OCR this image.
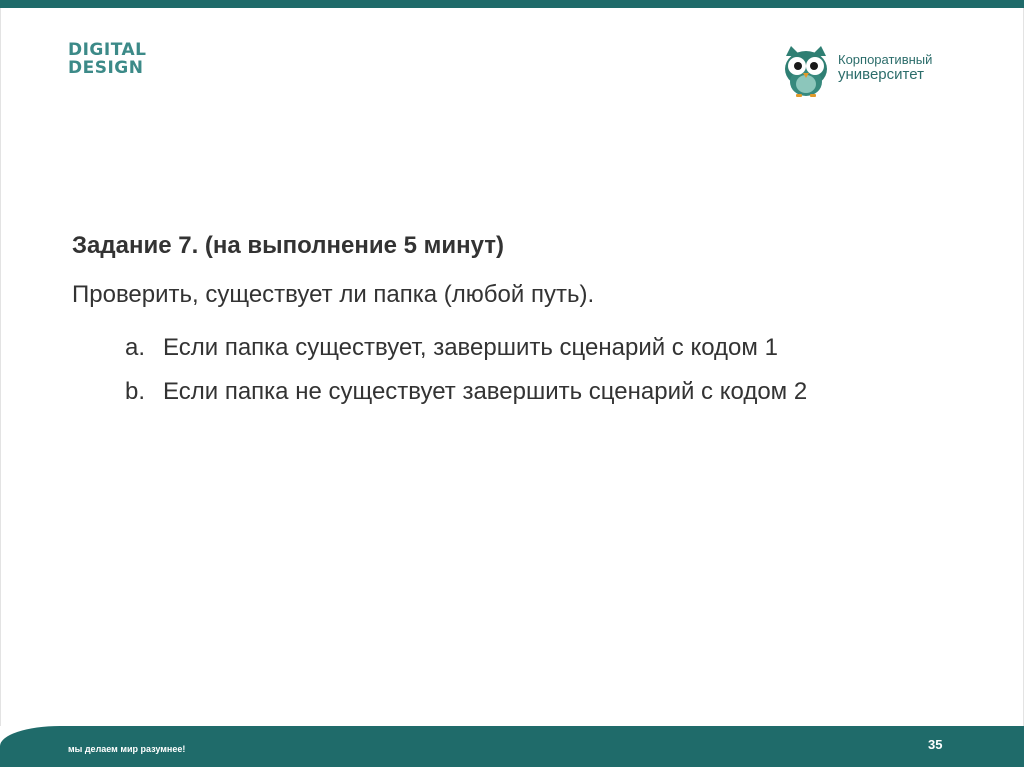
DIGITAL
DESIGN	Корпоративный
университет

Задание 7. (на выполнение 5 минут)

Проверить, существует ли папка (любой путь).

a. Если папка существует, завершить сценарий с кодом 1
b. Если папка не существует завершить сценарий с кодом 2
мы делаем мир разумнее!	35
